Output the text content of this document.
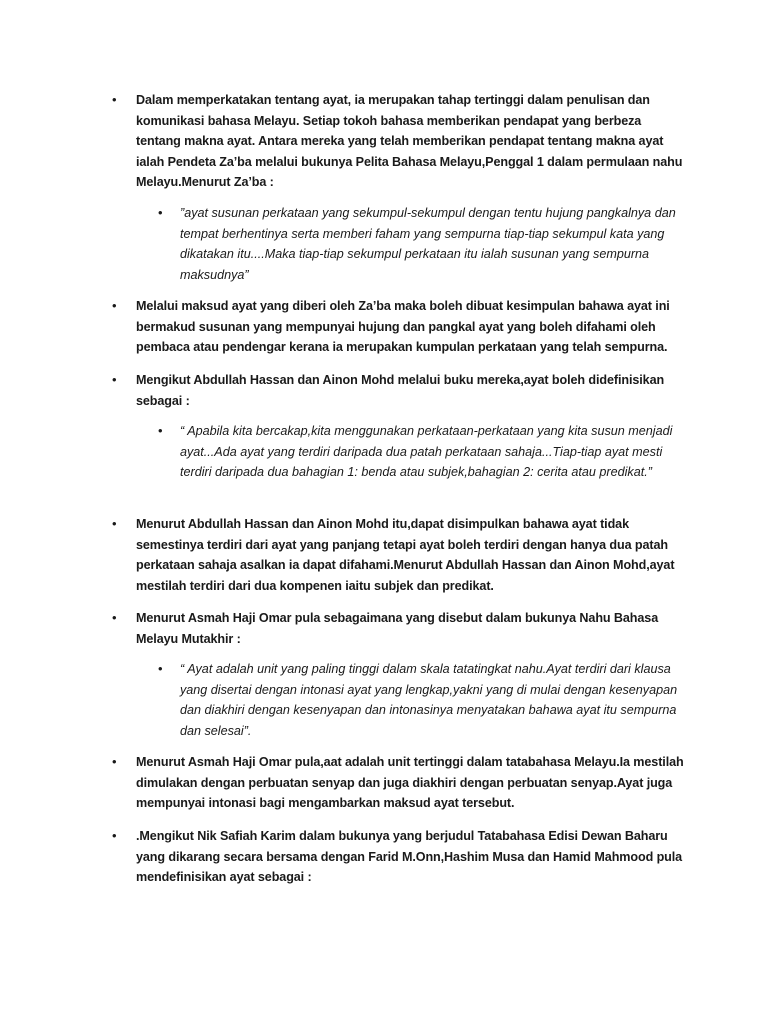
• Dalam memperkatakan tentang ayat, ia merupakan tahap tertinggi dalam penulisan dan komunikasi bahasa Melayu. Setiap tokoh bahasa memberikan pendapat yang berbeza tentang makna ayat. Antara mereka yang telah memberikan pendapat tentang makna ayat ialah Pendeta Za’ba melalui bukunya Pelita Bahasa Melayu,Penggal 1 dalam permulaan nahu Melayu.Menurut Za’ba :
• ”ayat susunan perkataan yang sekumpul-sekumpul dengan tentu hujung pangkalnya dan tempat berhentinya serta memberi faham yang sempurna tiap-tiap sekumpul kata yang dikatakan itu....Maka tiap-tiap sekumpul perkataan itu ialah susunan yang sempurna maksudnya”
• Melalui maksud ayat yang diberi oleh Za’ba maka boleh dibuat kesimpulan bahawa ayat ini bermakud susunan yang mempunyai hujung dan pangkal ayat yang boleh difahami oleh pembaca atau pendengar kerana ia merupakan kumpulan perkataan yang telah sempurna.
• Mengikut Abdullah Hassan dan Ainon Mohd melalui buku mereka,ayat boleh didefinisikan sebagai :
• “ Apabila kita bercakap,kita menggunakan perkataan-perkataan yang kita susun menjadi ayat...Ada ayat yang terdiri daripada dua patah perkataan sahaja...Tiap-tiap ayat mesti terdiri daripada dua bahagian 1: benda atau subjek,bahagian 2: cerita atau predikat.”
• Menurut Abdullah Hassan dan Ainon Mohd itu,dapat disimpulkan bahawa ayat tidak semestinya terdiri dari ayat yang panjang tetapi ayat boleh terdiri dengan hanya dua patah perkataan sahaja asalkan ia dapat difahami.Menurut Abdullah Hassan dan Ainon Mohd,ayat mestilah terdiri dari dua kompenen iaitu subjek dan predikat.
• Menurut Asmah Haji Omar pula sebagaimana yang disebut dalam bukunya Nahu Bahasa Melayu Mutakhir :
• “ Ayat adalah unit yang paling tinggi dalam skala tatatingkat nahu.Ayat terdiri dari klausa yang disertai dengan intonasi ayat yang lengkap,yakni yang di mulai dengan kesenyapan dan diakhiri dengan kesenyapan dan intonasinya menyatakan bahawa ayat itu sempurna dan selesai”.
• Menurut Asmah Haji Omar pula,aat adalah unit tertinggi dalam tatabahasa Melayu.Ia mestilah dimulakan dengan perbuatan senyap dan juga diakhiri dengan perbuatan senyap.Ayat juga mempunyai intonasi bagi mengambarkan maksud ayat tersebut.
• .Mengikut Nik Safiah Karim dalam bukunya yang berjudul Tatabahasa Edisi Dewan Baharu yang dikarang secara bersama dengan Farid M.Onn,Hashim Musa dan Hamid Mahmood pula mendefinisikan ayat sebagai :
